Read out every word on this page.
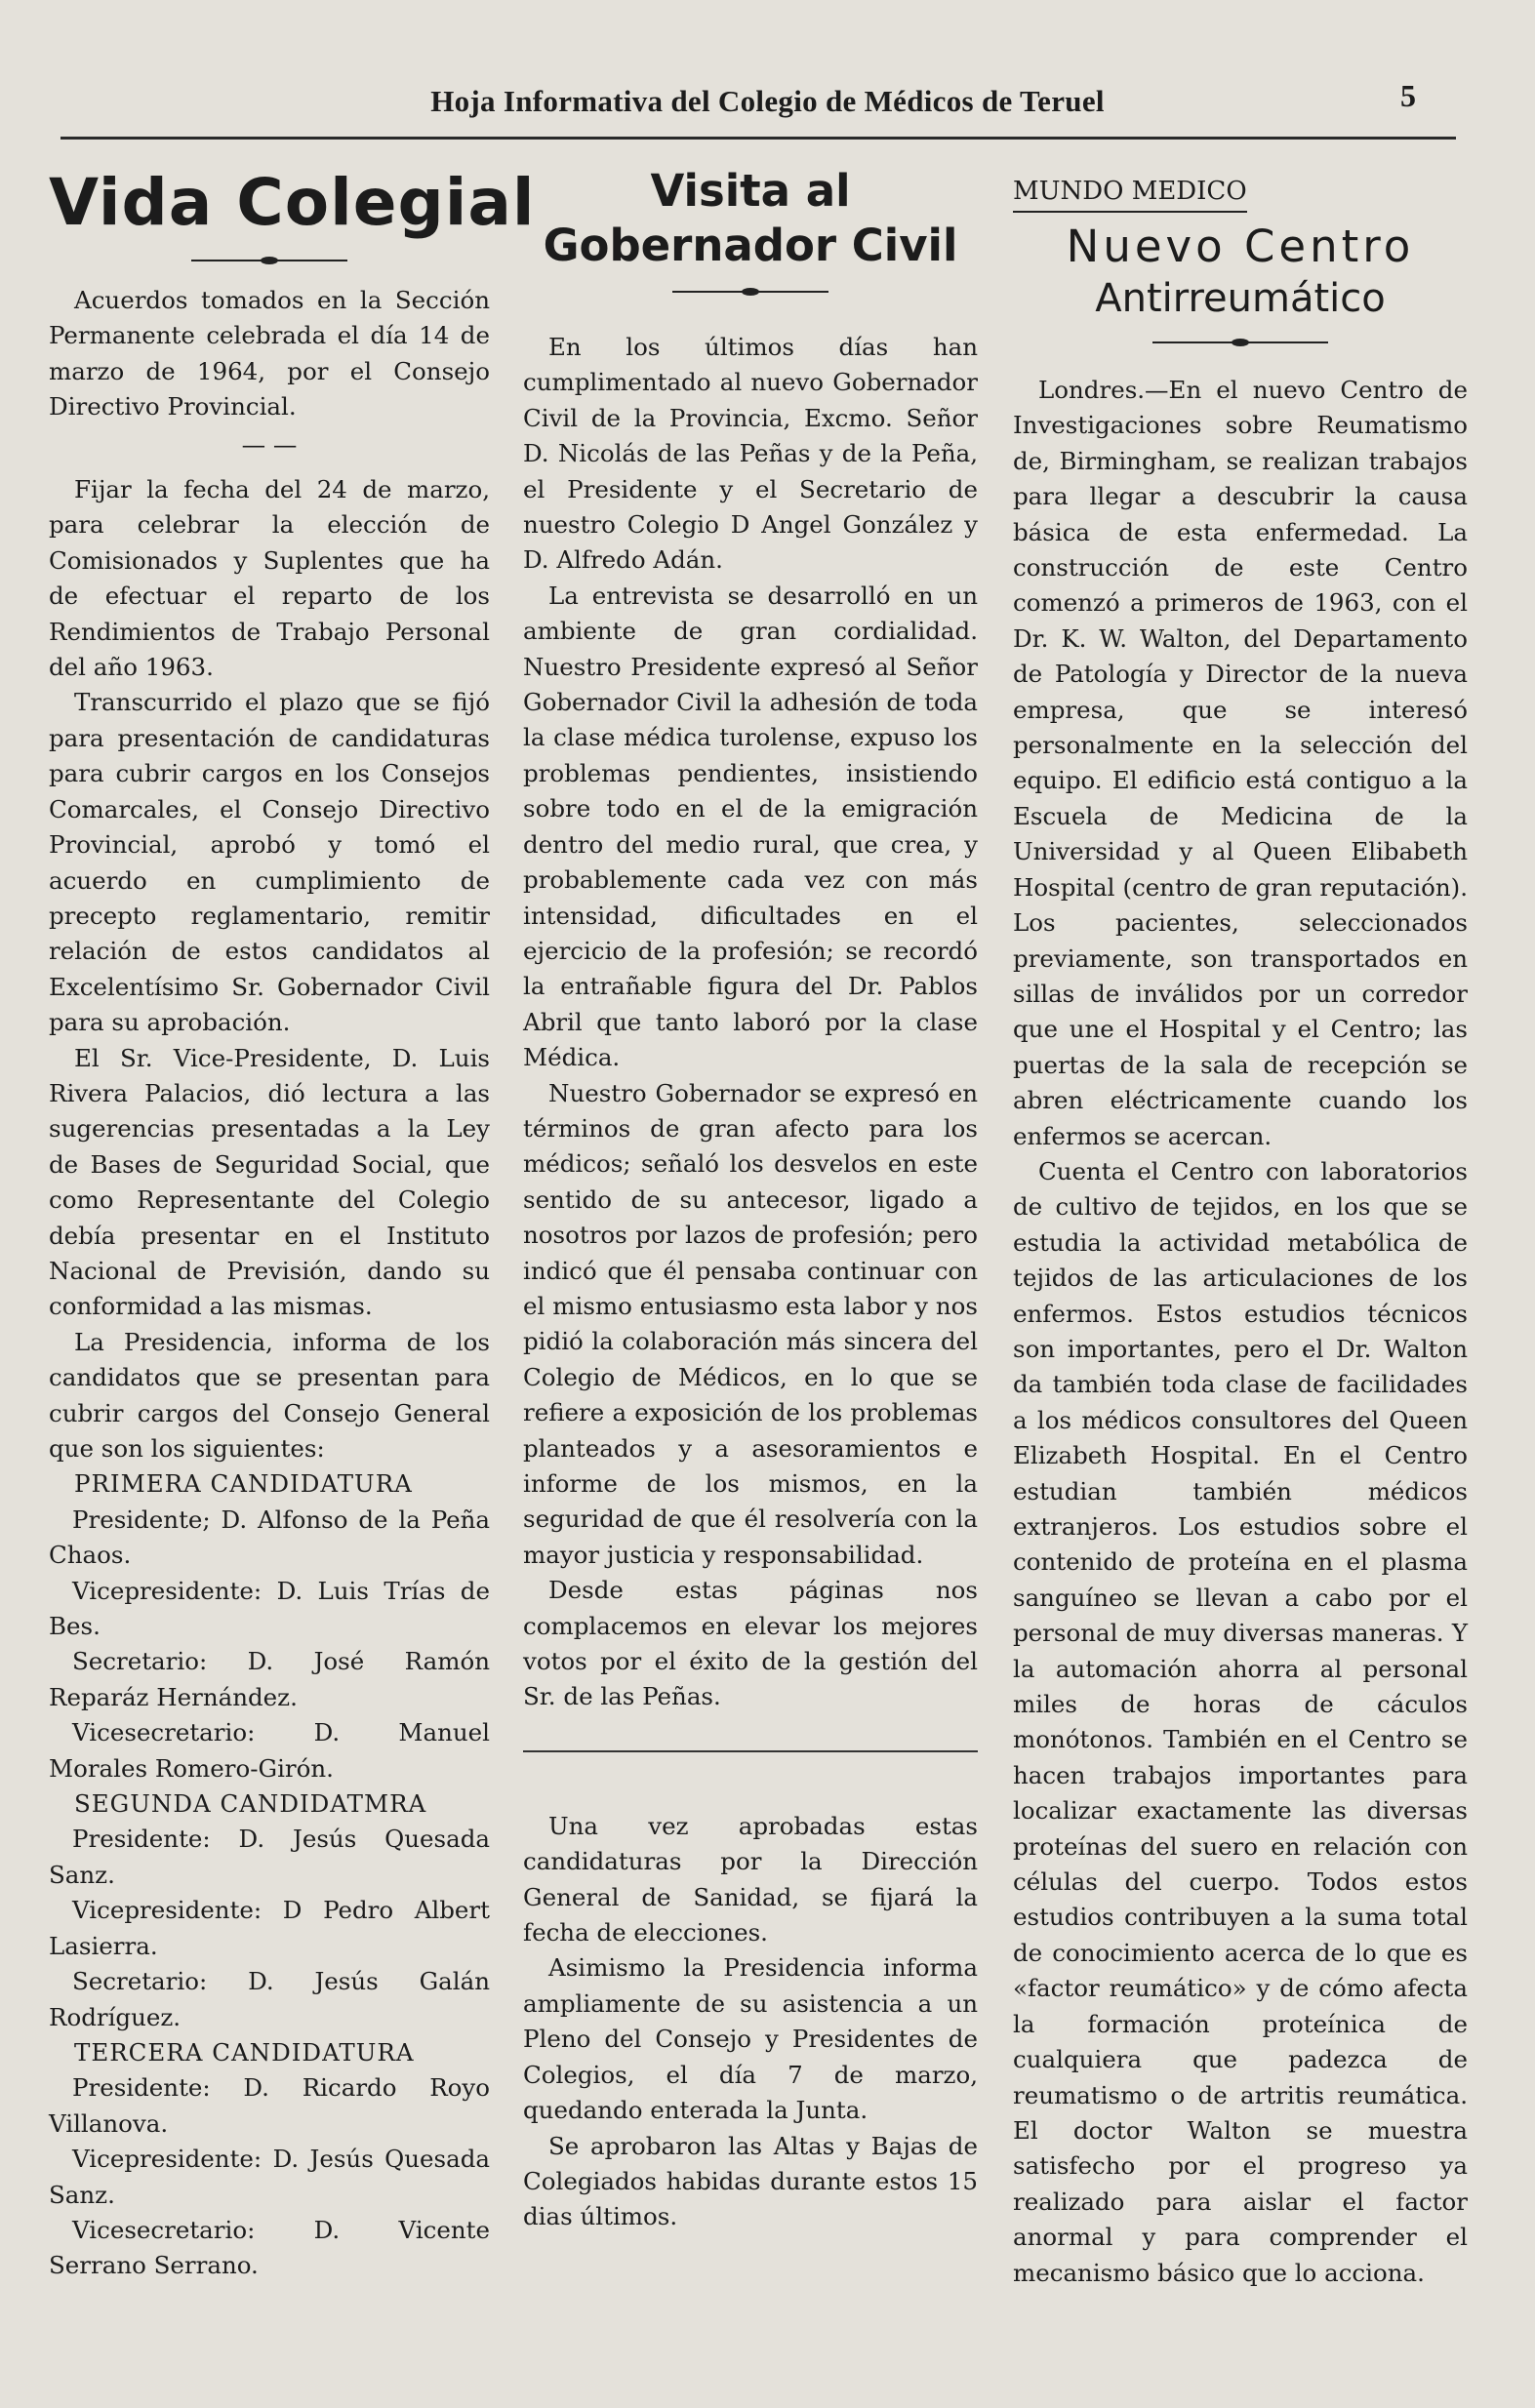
Hoja Informativa del Colegio de Médicos de Teruel	5
Vida Colegial

Acuerdos tomados en la Sección Permanente celebrada el día 14 de marzo de 1964, por el Consejo Directivo Provincial.

— —

Fijar la fecha del 24 de marzo, para celebrar la elección de Comisionados y Suplentes que ha de efectuar el reparto de los Rendimientos de Trabajo Personal del año 1963.

Transcurrido el plazo que se fijó para presentación de candidaturas para cubrir cargos en los Consejos Comarcales, el Consejo Directivo Provincial, aprobó y tomó el acuerdo en cumplimiento de precepto reglamentario, remitir relación de estos candidatos al Excelentísimo Sr. Gobernador Civil para su aprobación.

El Sr. Vice-Presidente, D. Luis Rivera Palacios, dió lectura a las sugerencias presentadas a la Ley de Bases de Seguridad Social, que como Representante del Colegio debía presentar en el Instituto Nacional de Previsión, dando su conformidad a las mismas.

La Presidencia, informa de los candidatos que se presentan para cubrir cargos del Consejo General que son los siguientes:

PRIMERA CANDIDATURA

Presidente; D. Alfonso de la Peña Chaos.

Vicepresidente: D. Luis Trías de Bes.

Secretario: D. José Ramón Reparáz Hernández.

Vicesecretario: D. Manuel Morales Romero-Girón.

SEGUNDA CANDIDATMRA

Presidente: D. Jesús Quesada Sanz.

Vicepresidente: D Pedro Albert Lasierra.

Secretario: D. Jesús Galán Rodríguez.

TERCERA CANDIDATURA

Presidente: D. Ricardo Royo Villanova.

Vicepresidente: D. Jesús Quesada Sanz.

Vicesecretario: D. Vicente Serrano Serrano.

Visita al
Gobernador Civil

En los últimos días han cumplimentado al nuevo Gobernador Civil de la Provincia, Excmo. Señor D. Nicolás de las Peñas y de la Peña, el Presidente y el Secretario de nuestro Colegio D Angel González y D. Alfredo Adán.

La entrevista se desarrolló en un ambiente de gran cordialidad. Nuestro Presidente expresó al Señor Gobernador Civil la adhesión de toda la clase médica turolense, expuso los problemas pendientes, insistiendo sobre todo en el de la emigración dentro del medio rural, que crea, y probablemente cada vez con más intensidad, dificultades en el ejercicio de la profesión; se recordó la entrañable figura del Dr. Pablos Abril que tanto laboró por la clase Médica.

Nuestro Gobernador se expresó en términos de gran afecto para los médicos; señaló los desvelos en este sentido de su antecesor, ligado a nosotros por lazos de profesión; pero indicó que él pensaba continuar con el mismo entusiasmo esta labor y nos pidió la colaboración más sincera del Colegio de Médicos, en lo que se refiere a exposición de los problemas planteados y a asesoramientos e informe de los mismos, en la seguridad de que él resolvería con la mayor justicia y responsabilidad.

Desde estas páginas nos complacemos en elevar los mejores votos por el éxito de la gestión del Sr. de las Peñas.

Una vez aprobadas estas candidaturas por la Dirección General de Sanidad, se fijará la fecha de elecciones.

Asimismo la Presidencia informa ampliamente de su asistencia a un Pleno del Consejo y Presidentes de Colegios, el día 7 de marzo, quedando enterada la Junta.

Se aprobaron las Altas y Bajas de Colegiados habidas durante estos 15 dias últimos.

MUNDO MEDICO
Nuevo Centro
Antirreumático

Londres.—En el nuevo Centro de Investigaciones sobre Reumatismo de, Birmingham, se realizan trabajos para llegar a descubrir la causa básica de esta enfermedad. La construcción de este Centro comenzó a primeros de 1963, con el Dr. K. W. Walton, del Departamento de Patología y Director de la nueva empresa, que se interesó personalmente en la selección del equipo. El edificio está contiguo a la Escuela de Medicina de la Universidad y al Queen Elibabeth Hospital (centro de gran reputación). Los pacientes, seleccionados previamente, son transportados en sillas de inválidos por un corredor que une el Hospital y el Centro; las puertas de la sala de recepción se abren eléctricamente cuando los enfermos se acercan.

Cuenta el Centro con laboratorios de cultivo de tejidos, en los que se estudia la actividad metabólica de tejidos de las articulaciones de los enfermos. Estos estudios técnicos son importantes, pero el Dr. Walton da también toda clase de facilidades a los médicos consultores del Queen Elizabeth Hospital. En el Centro estudian también médicos extranjeros. Los estudios sobre el contenido de proteína en el plasma sanguíneo se llevan a cabo por el personal de muy diversas maneras. Y la automación ahorra al personal miles de horas de cáculos monótonos. También en el Centro se hacen trabajos importantes para localizar exactamente las diversas proteínas del suero en relación con células del cuerpo. Todos estos estudios contribuyen a la suma total de conocimiento acerca de lo que es «factor reumático» y de cómo afecta la formación proteínica de cualquiera que padezca de reumatismo o de artritis reumática. El doctor Walton se muestra satisfecho por el progreso ya realizado para aislar el factor anormal y para comprender el mecanismo básico que lo acciona.
